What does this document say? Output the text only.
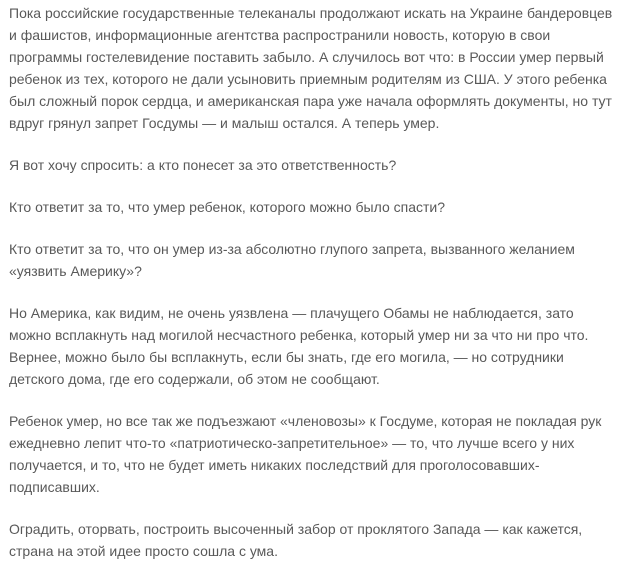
Пока российские государственные телеканалы продолжают искать на Украине бандеровцев и фашистов, информационные агентства распространили новость, которую в свои программы гостелевидение поставить забыло. А случилось вот что: в России умер первый ребенок из тех, которого не дали усыновить приемным родителям из США. У этого ребенка был сложный порок сердца, и американская пара уже начала оформлять документы, но тут вдруг грянул запрет Госдумы — и малыш остался. А теперь умер.

Я вот хочу спросить: а кто понесет за это ответственность?

Кто ответит за то, что умер ребенок, которого можно было спасти?

Кто ответит за то, что он умер из-за абсолютно глупого запрета, вызванного желанием «уязвить Америку»?

Но Америка, как видим, не очень уязвлена — плачущего Обамы не наблюдается, зато можно всплакнуть над могилой несчастного ребенка, который умер ни за что ни про что. Вернее, можно было бы всплакнуть, если бы знать, где его могила, — но сотрудники детского дома, где его содержали, об этом не сообщают.

Ребенок умер, но все так же подъезжают «членовозы» к Госдуме, которая не покладая рук ежедневно лепит что-то «патриотическо-запретительное» — то, что лучше всего у них получается, и то, что не будет иметь никаких последствий для проголосовавших-подписавших.

Оградить, оторвать, построить высоченный забор от проклятого Запада — как кажется, страна на этой идее просто сошла с ума.
